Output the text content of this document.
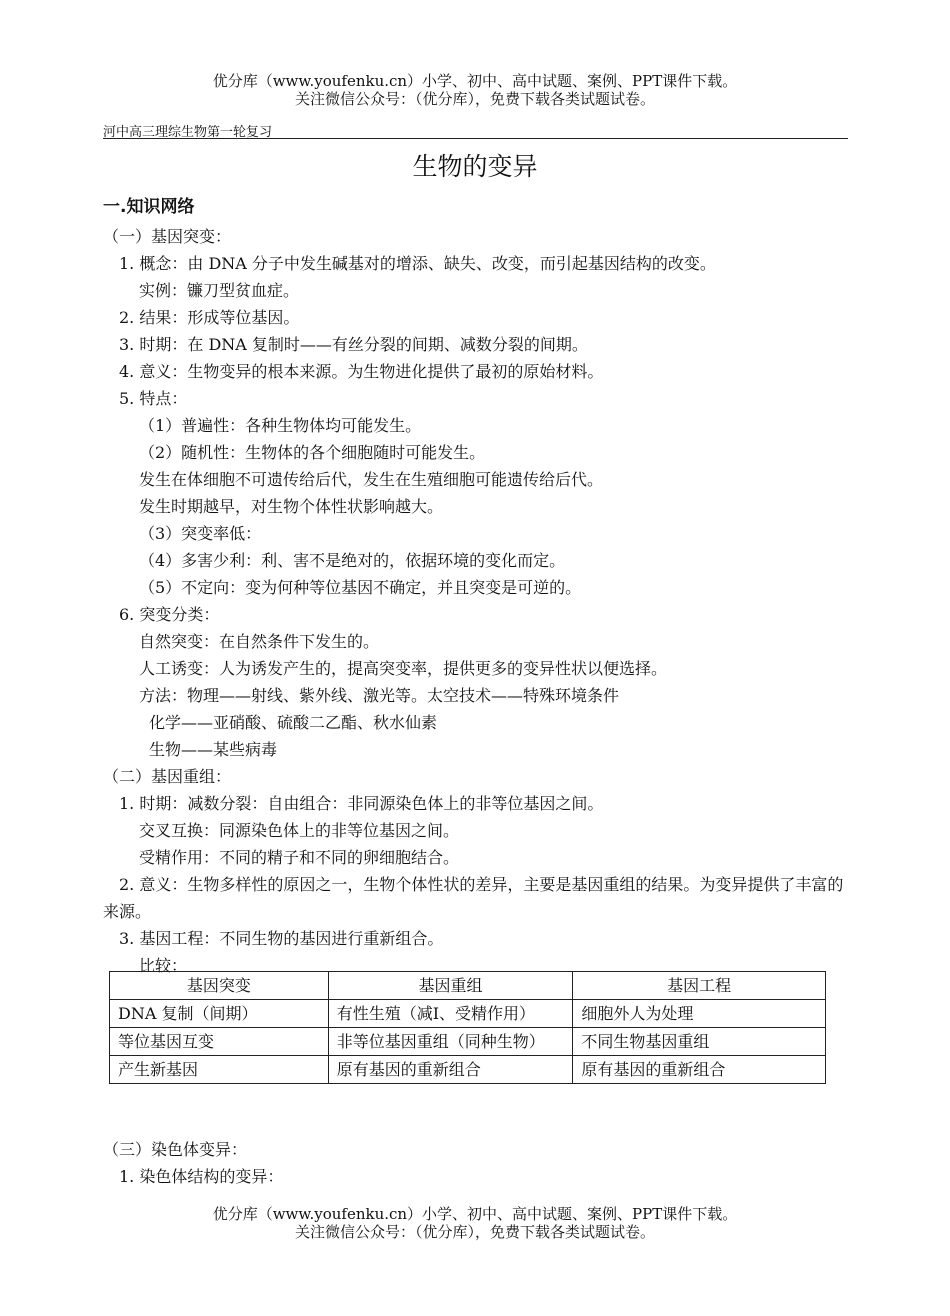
优分库（www.youfenku.cn）小学、初中、高中试题、案例、PPT课件下载。
关注微信公众号：（优分库），免费下载各类试题试卷。
河中高三理综生物第一轮复习
生物的变异
一.知识网络
（一）基因突变：
1. 概念：由 DNA 分子中发生碱基对的增添、缺失、改变，而引起基因结构的改变。
实例：镰刀型贫血症。
2. 结果：形成等位基因。
3. 时期：在 DNA 复制时——有丝分裂的间期、减数分裂的间期。
4. 意义：生物变异的根本来源。为生物进化提供了最初的原始材料。
5. 特点：
（1）普遍性：各种生物体均可能发生。
（2）随机性：生物体的各个细胞随时可能发生。
发生在体细胞不可遗传给后代，发生在生殖细胞可能遗传给后代。
发生时期越早，对生物个体性状影响越大。
（3）突变率低：
（4）多害少利：利、害不是绝对的，依据环境的变化而定。
（5）不定向：变为何种等位基因不确定，并且突变是可逆的。
6. 突变分类：
自然突变：在自然条件下发生的。
人工诱变：人为诱发产生的，提高突变率，提供更多的变异性状以便选择。
方法：物理——射线、紫外线、激光等。太空技术——特殊环境条件
化学——亚硝酸、硫酸二乙酯、秋水仙素
生物——某些病毒
（二）基因重组：
1. 时期：减数分裂：自由组合：非同源染色体上的非等位基因之间。
交叉互换：同源染色体上的非等位基因之间。
受精作用：不同的精子和不同的卵细胞结合。
2. 意义：生物多样性的原因之一，生物个体性状的差异，主要是基因重组的结果。为变异提供了丰富的来源。
3. 基因工程：不同生物的基因进行重新组合。
比较：
基因突变	基因重组	基因工程
DNA 复制（间期）	有性生殖（减Ⅰ、受精作用）	细胞外人为处理
等位基因互变	非等位基因重组（同种生物）	不同生物基因重组
产生新基因	原有基因的重新组合	原有基因的重新组合
（三）染色体变异：
1. 染色体结构的变异：
优分库（www.youfenku.cn）小学、初中、高中试题、案例、PPT课件下载。
关注微信公众号：（优分库），免费下载各类试题试卷。
